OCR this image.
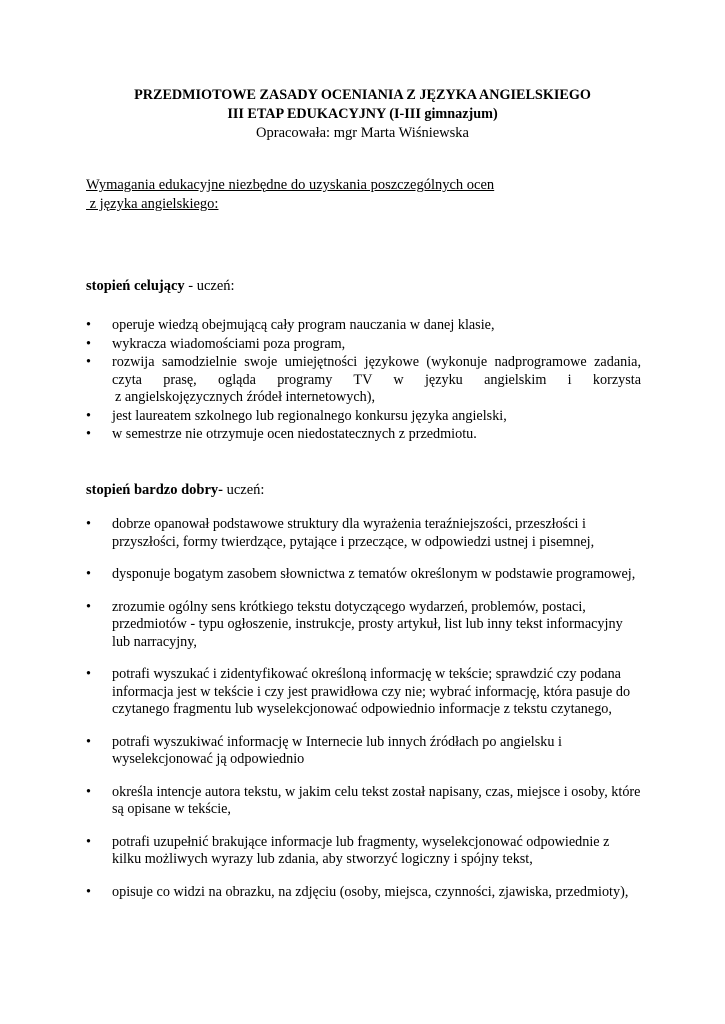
PRZEDMIOTOWE ZASADY OCENIANIA Z JĘZYKA ANGIELSKIEGO
III ETAP EDUKACYJNY (I-III gimnazjum)
Opracowała: mgr Marta Wiśniewska
Wymagania edukacyjne niezbędne do uzyskania poszczególnych ocen
z języka angielskiego:
stopień celujący - uczeń:
•	operuje wiedzą obejmującą cały program nauczania w danej klasie,
•	wykracza wiadomościami poza program,
•	rozwija samodzielnie swoje umiejętności językowe (wykonuje nadprogramowe zadania, czyta prasę, ogląda programy TV w języku angielskim i korzysta
z angielskojęzycznych źródeł internetowych),
•	jest laureatem szkolnego lub regionalnego konkursu języka angielski,
•	w semestrze nie otrzymuje ocen niedostatecznych z przedmiotu.
stopień bardzo dobry- uczeń:
•	dobrze opanował podstawowe struktury dla wyrażenia teraźniejszości, przeszłości i przyszłości, formy twierdzące, pytające i przeczące, w odpowiedzi ustnej i pisemnej,
•	dysponuje bogatym zasobem słownictwa z tematów określonym w podstawie programowej,
•	zrozumie ogólny sens krótkiego tekstu dotyczącego wydarzeń, problemów, postaci, przedmiotów - typu ogłoszenie, instrukcje, prosty artykuł, list lub inny tekst informacyjny lub narracyjny,
•	potrafi wyszukać i zidentyfikować określoną informację w tekście; sprawdzić czy podana informacja jest w tekście i czy jest prawidłowa czy nie; wybrać informację, która pasuje do czytanego fragmentu lub wyselekcjonować odpowiednio informacje z tekstu czytanego,
•	potrafi wyszukiwać informację w Internecie lub innych źródłach po angielsku i wyselekcjonować ją odpowiednio
•	określa intencje autora tekstu, w jakim celu tekst został napisany, czas, miejsce i osoby, które są opisane w tekście,
•	potrafi uzupełnić brakujące informacje lub fragmenty, wyselekcjonować odpowiednie z kilku możliwych wyrazy lub zdania, aby stworzyć logiczny i spójny tekst,
•	opisuje co widzi na obrazku, na zdjęciu (osoby, miejsca, czynności, zjawiska, przedmioty),
